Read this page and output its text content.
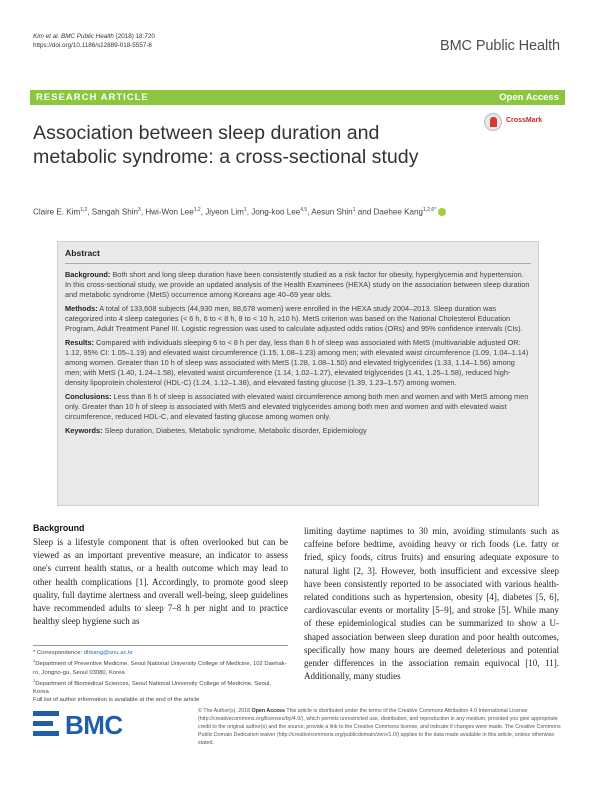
Kim et al. BMC Public Health (2018) 18:720
https://doi.org/10.1186/s12889-018-5557-8	BMC Public Health
RESEARCH ARTICLE	Open Access
Association between sleep duration and metabolic syndrome: a cross-sectional study
CrossMark
Claire E. Kim$^{1,2}$, Sangah Shin$^3$, Hwi-Won Lee$^{1,2}$, Jiyeon Lim$^1$, Jong-koo Lee$^{4,5}$, Aesun Shin$^1$ and Daehee Kang$^{1,2,6*}$
Abstract

Background: Both short and long sleep duration have been consistently studied as a risk factor for obesity, hyperglycemia and hypertension. In this cross-sectional study, we provide an updated analysis of the Health Examinees (HEXA) study on the association between sleep duration and metabolic syndrome (MetS) occurrence among Koreans age 40–69 year olds.

Methods: A total of 133,608 subjects (44,930 men, 88,678 women) were enrolled in the HEXA study 2004–2013. Sleep duration was categorized into 4 sleep categories (< 6 h, 6 to < 8 h, 8 to < 10 h, ≥10 h). MetS criterion was based on the National Cholesterol Education Program, Adult Treatment Panel III. Logistic regression was used to calculate adjusted odds ratios (ORs) and 95% confidence intervals (CIs).

Results: Compared with individuals sleeping 6 to < 8 h per day, less than 6 h of sleep was associated with MetS (multivariable adjusted OR: 1.12, 95% CI: 1.05–1.19) and elevated waist circumference (1.15, 1.08–1.23) among men; with elevated waist circumference (1.09, 1.04–1.14) among women. Greater than 10 h of sleep was associated with MetS (1.28, 1.08–1.50) and elevated triglycerides (1.33, 1.14–1.56) among men; with MetS (1.40, 1.24–1.58), elevated waist circumference (1.14, 1.02–1.27), elevated triglycerides (1.41, 1.25–1.58), reduced high-density lipoprotein cholesterol (HDL-C) (1.24, 1.12–1.38), and elevated fasting glucose (1.39, 1.23–1.57) among women.

Conclusions: Less than 6 h of sleep is associated with elevated waist circumference among both men and women and with MetS among men only. Greater than 10 h of sleep is associated with MetS and elevated triglycerides among both men and women and with elevated waist circumference, reduced HDL-C, and elevated fasting glucose among women only.

Keywords: Sleep duration, Diabetes, Metabolic syndrome, Metabolic disorder, Epidemiology

Background

Sleep is a lifestyle component that is often overlooked but can be viewed as an important preventive measure, an indicator to assess one's current health status, or a health outcome which may lead to other health complications [1]. Accordingly, to promote good sleep quality, full daytime alertness and overall well-being, sleep guidelines have recommended adults to sleep 7–8 h per night and to practice healthy sleep hygiene such as

limiting daytime naptimes to 30 min, avoiding stimulants such as caffeine before bedtime, avoiding heavy or rich foods (i.e. fatty or fried, spicy foods, citrus fruits) and ensuring adequate exposure to natural light [2, 3]. However, both insufficient and excessive sleep have been consistently reported to be associated with various health-related conditions such as hypertension, obesity [4], diabetes [5, 6], cardiovascular events or mortality [5–9], and stroke [5]. While many of these epidemiological studies can be summarized to show a U- shaped association between sleep duration and poor health outcomes, specifically how many hours are deemed deleterious and potential gender differences in the association remain equivocal [10, 11]. Additionally, many studies

* Correspondence: dhkang@snu.ac.kr
$^1$Department of Preventive Medicine, Seoul National University College of Medicine, 102 Daehak-ro, Jongno-gu, Seoul 03080, Korea
$^2$Department of Biomedical Sciences, Seoul National University College of Medicine, Seoul, Korea
Full list of author information is available at the end of the article
BMC	© The Author(s). 2018 Open Access This article is distributed under the terms of the Creative Commons Attribution 4.0 International License (http://creativecommons.org/licenses/by/4.0/), which permits unrestricted use, distribution, and reproduction in any medium, provided you give appropriate credit to the original author(s) and the source, provide a link to the Creative Commons license, and indicate if changes were made. The Creative Commons Public Domain Dedication waiver (http://creativecommons.org/publicdomain/zero/1.0/) applies to the data made available in this article, unless otherwise stated.
